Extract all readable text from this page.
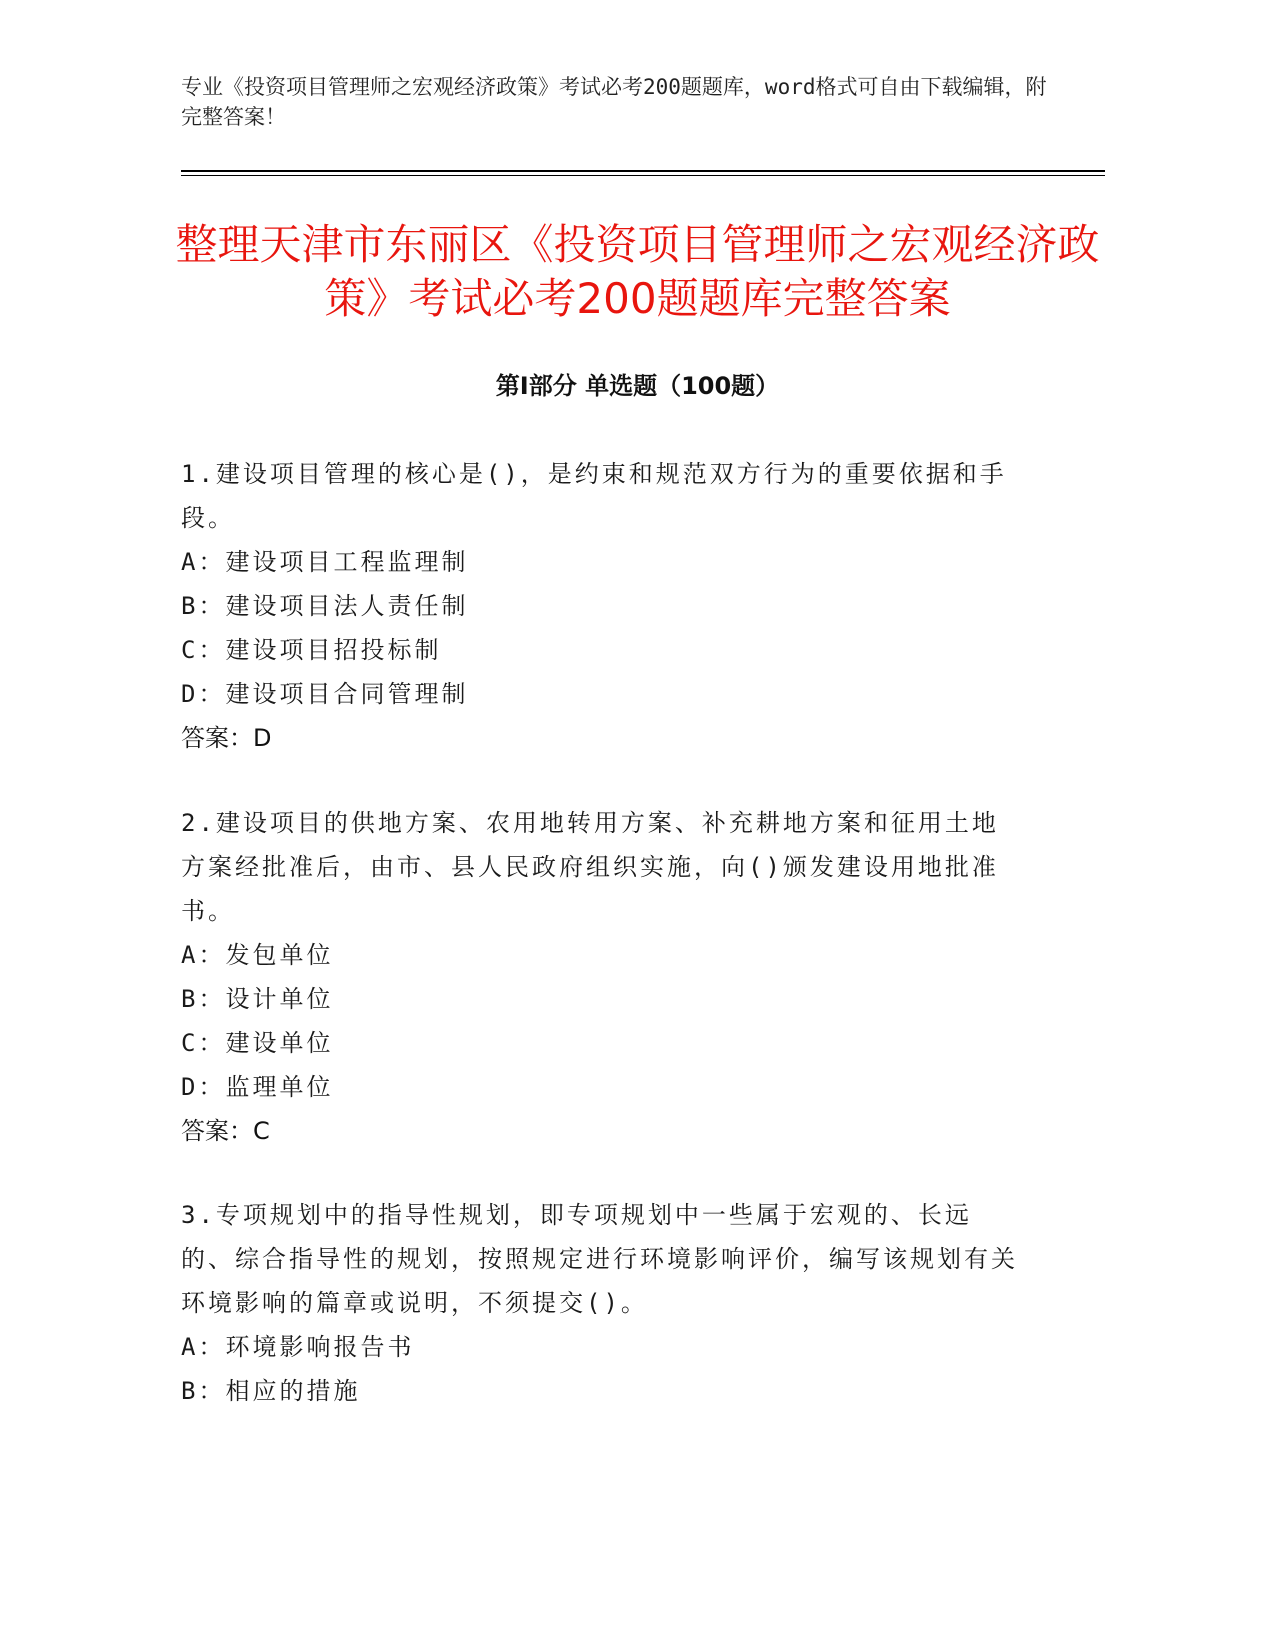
专业《投资项目管理师之宏观经济政策》考试必考200题题库，word格式可自由下载编辑，附完整答案！
整理天津市东丽区《投资项目管理师之宏观经济政策》考试必考200题题库完整答案
第Ⅰ部分 单选题（100题）

1.建设项目管理的核心是()，是约束和规范双方行为的重要依据和手段。

A：建设项目工程监理制

B：建设项目法人责任制

C：建设项目招投标制

D：建设项目合同管理制

答案：D

2.建设项目的供地方案、农用地转用方案、补充耕地方案和征用土地方案经批准后，由市、县人民政府组织实施，向()颁发建设用地批准书。

A：发包单位

B：设计单位

C：建设单位

D：监理单位

答案：C

3.专项规划中的指导性规划，即专项规划中一些属于宏观的、长远的、综合指导性的规划，按照规定进行环境影响评价，编写该规划有关环境影响的篇章或说明，不须提交()。

A：环境影响报告书

B：相应的措施
